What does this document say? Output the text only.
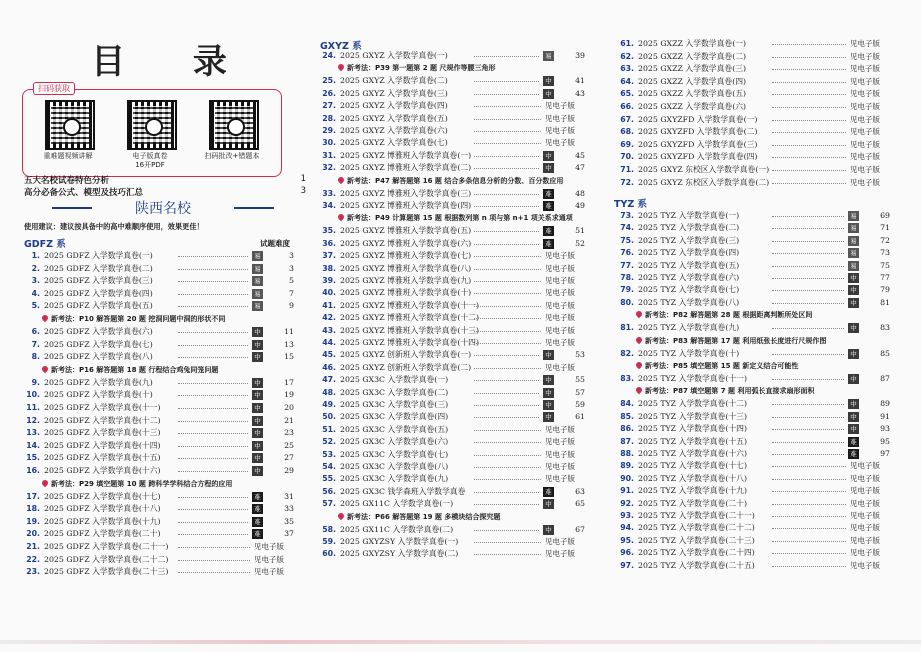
目 录
扫码获取
重难题视频讲解	电子版真卷
16开PDF
扫码批改+错题本
五大名校试卷特色分析	1
高分必备公式、模型及技巧汇总	3
陕西名校
使用建议：建议按具备中的高中难顺序使用，效果更佳！
GDFZ 系	试题难度
1. 2025 GDFZ 入学数学真卷(一)	易	3
2. 2025 GDFZ 入学数学真卷(二)	易	3
3. 2025 GDFZ 入学数学真卷(三)	易	5
4. 2025 GDFZ 入学数学真卷(四)	易	7
5. 2025 GDFZ 入学数学真卷(五)	易	9
新考法：P10 解答题第 20 题 挖洞问题中洞的形状不同
6. 2025 GDFZ 入学数学真卷(六)	中	11
7. 2025 GDFZ 入学数学真卷(七)	中	13
8. 2025 GDFZ 入学数学真卷(八)	中	15
新考法：P16 解答题第 18 题 行程结合鸡兔同笼问题
9. 2025 GDFZ 入学数学真卷(九)	中	17
10. 2025 GDFZ 入学数学真卷(十)	中	19
11. 2025 GDFZ 入学数学真卷(十一)	中	20
12. 2025 GDFZ 入学数学真卷(十二)	中	21
13. 2025 GDFZ 入学数学真卷(十三)	中	23
14. 2025 GDFZ 入学数学真卷(十四)	中	25
15. 2025 GDFZ 入学数学真卷(十五)	中	27
16. 2025 GDFZ 入学数学真卷(十六)	中	29
新考法：P29 填空题第 10 题 跨科学学科结合方程的应用
17. 2025 GDFZ 入学数学真卷(十七)	难	31
18. 2025 GDFZ 入学数学真卷(十八)	难	33
19. 2025 GDFZ 入学数学真卷(十九)	难	35
20. 2025 GDFZ 入学数学真卷(二十)	难	37
21. 2025 GDFZ 入学数学真卷(二十一)	见电子版
22. 2025 GDFZ 入学数学真卷(二十二)	见电子版
23. 2025 GDFZ 入学数学真卷(二十三)	见电子版
GXYZ 系
24. 2025 GXYZ 入学数学真卷(一)	易	39
新考法：P39 第一题第 2 题 尺规作等腰三角形
25. 2025 GXYZ 入学数学真卷(二)	中	41
26. 2025 GXYZ 入学数学真卷(三)	中	43
27. 2025 GXYZ 入学数学真卷(四)	见电子版
28. 2025 GXYZ 入学数学真卷(五)	见电子版
29. 2025 GXYZ 入学数学真卷(六)	见电子版
30. 2025 GXYZ 入学数学真卷(七)	见电子版
31. 2025 GXYZ 博雅班入学数学真卷(一)	中	45
32. 2025 GXYZ 博雅班入学数学真卷(二)	中	47
新考法：P47 解答题第 16 题 结合多条信息分析的分数、百分数应用
33. 2025 GXYZ 博雅班入学数学真卷(三)	难	48
34. 2025 GXYZ 博雅班入学数学真卷(四)	难	49
新考法：P49 计算题第 15 题 根据数列第 n 项与第 n+1 项关系求通项
35. 2025 GXYZ 博雅班入学数学真卷(五)	难	51
36. 2025 GXYZ 博雅班入学数学真卷(六)	难	52
37. 2025 GXYZ 博雅班入学数学真卷(七)	见电子版
38. 2025 GXYZ 博雅班入学数学真卷(八)	见电子版
39. 2025 GXYZ 博雅班入学数学真卷(九)	见电子版
40. 2025 GXYZ 博雅班入学数学真卷(十)	见电子版
41. 2025 GXYZ 博雅班入学数学真卷(十一)	见电子版
42. 2025 GXYZ 博雅班入学数学真卷(十二)	见电子版
43. 2025 GXYZ 博雅班入学数学真卷(十三)	见电子版
44. 2025 GXYZ 博雅班入学数学真卷(十四)	见电子版
45. 2025 GXYZ 创新班入学数学真卷(一)	中	53
46. 2025 GXYZ 创新班入学数学真卷(二)	见电子版
47. 2025 GX3C 入学数学真卷(一)	中	55
48. 2025 GX3C 入学数学真卷(二)	中	57
49. 2025 GX3C 入学数学真卷(三)	中	59
50. 2025 GX3C 入学数学真卷(四)	中	61
51. 2025 GX3C 入学数学真卷(五)	见电子版
52. 2025 GX3C 入学数学真卷(六)	见电子版
53. 2025 GX3C 入学数学真卷(七)	见电子版
54. 2025 GX3C 入学数学真卷(八)	见电子版
55. 2025 GX3C 入学数学真卷(九)	见电子版
56. 2025 GX3C 钱学森班入学数学真卷	难	63
57. 2025 GX11C 入学数学真卷(一)	中	65
新考法：P66 解答题第 19 题 多模块结合探究题
58. 2025 GX11C 入学数学真卷(二)	中	67
59. 2025 GXYZSY 入学数学真卷(一)	见电子版
60. 2025 GXYZSY 入学数学真卷(二)	见电子版
61. 2025 GXZZ 入学数学真卷(一)	见电子版
62. 2025 GXZZ 入学数学真卷(二)	见电子版
63. 2025 GXZZ 入学数学真卷(三)	见电子版
64. 2025 GXZZ 入学数学真卷(四)	见电子版
65. 2025 GXZZ 入学数学真卷(五)	见电子版
66. 2025 GXZZ 入学数学真卷(六)	见电子版
67. 2025 GXYZFD 入学数学真卷(一)	见电子版
68. 2025 GXYZFD 入学数学真卷(二)	见电子版
69. 2025 GXYZFD 入学数学真卷(三)	见电子版
70. 2025 GXYZFD 入学数学真卷(四)	见电子版
71. 2025 GXYZ 东校区入学数学真卷(一)	见电子版
72. 2025 GXYZ 东校区入学数学真卷(二)	见电子版
TYZ 系
73. 2025 TYZ 入学数学真卷(一)	易	69
74. 2025 TYZ 入学数学真卷(二)	易	71
75. 2025 TYZ 入学数学真卷(三)	易	72
76. 2025 TYZ 入学数学真卷(四)	易	73
77. 2025 TYZ 入学数学真卷(五)	易	75
78. 2025 TYZ 入学数学真卷(六)	中	77
79. 2025 TYZ 入学数学真卷(七)	中	79
80. 2025 TYZ 入学数学真卷(八)	中	81
新考法：P82 解答题第 28 题 根据距离判断所处区间
81. 2025 TYZ 入学数学真卷(九)	中	83
新考法：P83 解答题第 17 题 利用纸张长度进行尺规作图
82. 2025 TYZ 入学数学真卷(十)	中	85
新考法：P85 填空题第 15 题 新定义结合可能性
83. 2025 TYZ 入学数学真卷(十一)	中	87
新考法：P87 填空题第 7 题 利用弧长直接求扇形面积
84. 2025 TYZ 入学数学真卷(十二)	中	89
85. 2025 TYZ 入学数学真卷(十三)	中	91
86. 2025 TYZ 入学数学真卷(十四)	中	93
87. 2025 TYZ 入学数学真卷(十五)	难	95
88. 2025 TYZ 入学数学真卷(十六)	难	97
89. 2025 TYZ 入学数学真卷(十七)	见电子版
90. 2025 TYZ 入学数学真卷(十八)	见电子版
91. 2025 TYZ 入学数学真卷(十九)	见电子版
92. 2025 TYZ 入学数学真卷(二十)	见电子版
93. 2025 TYZ 入学数学真卷(二十一)	见电子版
94. 2025 TYZ 入学数学真卷(二十二)	见电子版
95. 2025 TYZ 入学数学真卷(二十三)	见电子版
96. 2025 TYZ 入学数学真卷(二十四)	见电子版
97. 2025 TYZ 入学数学真卷(二十五)	见电子版
